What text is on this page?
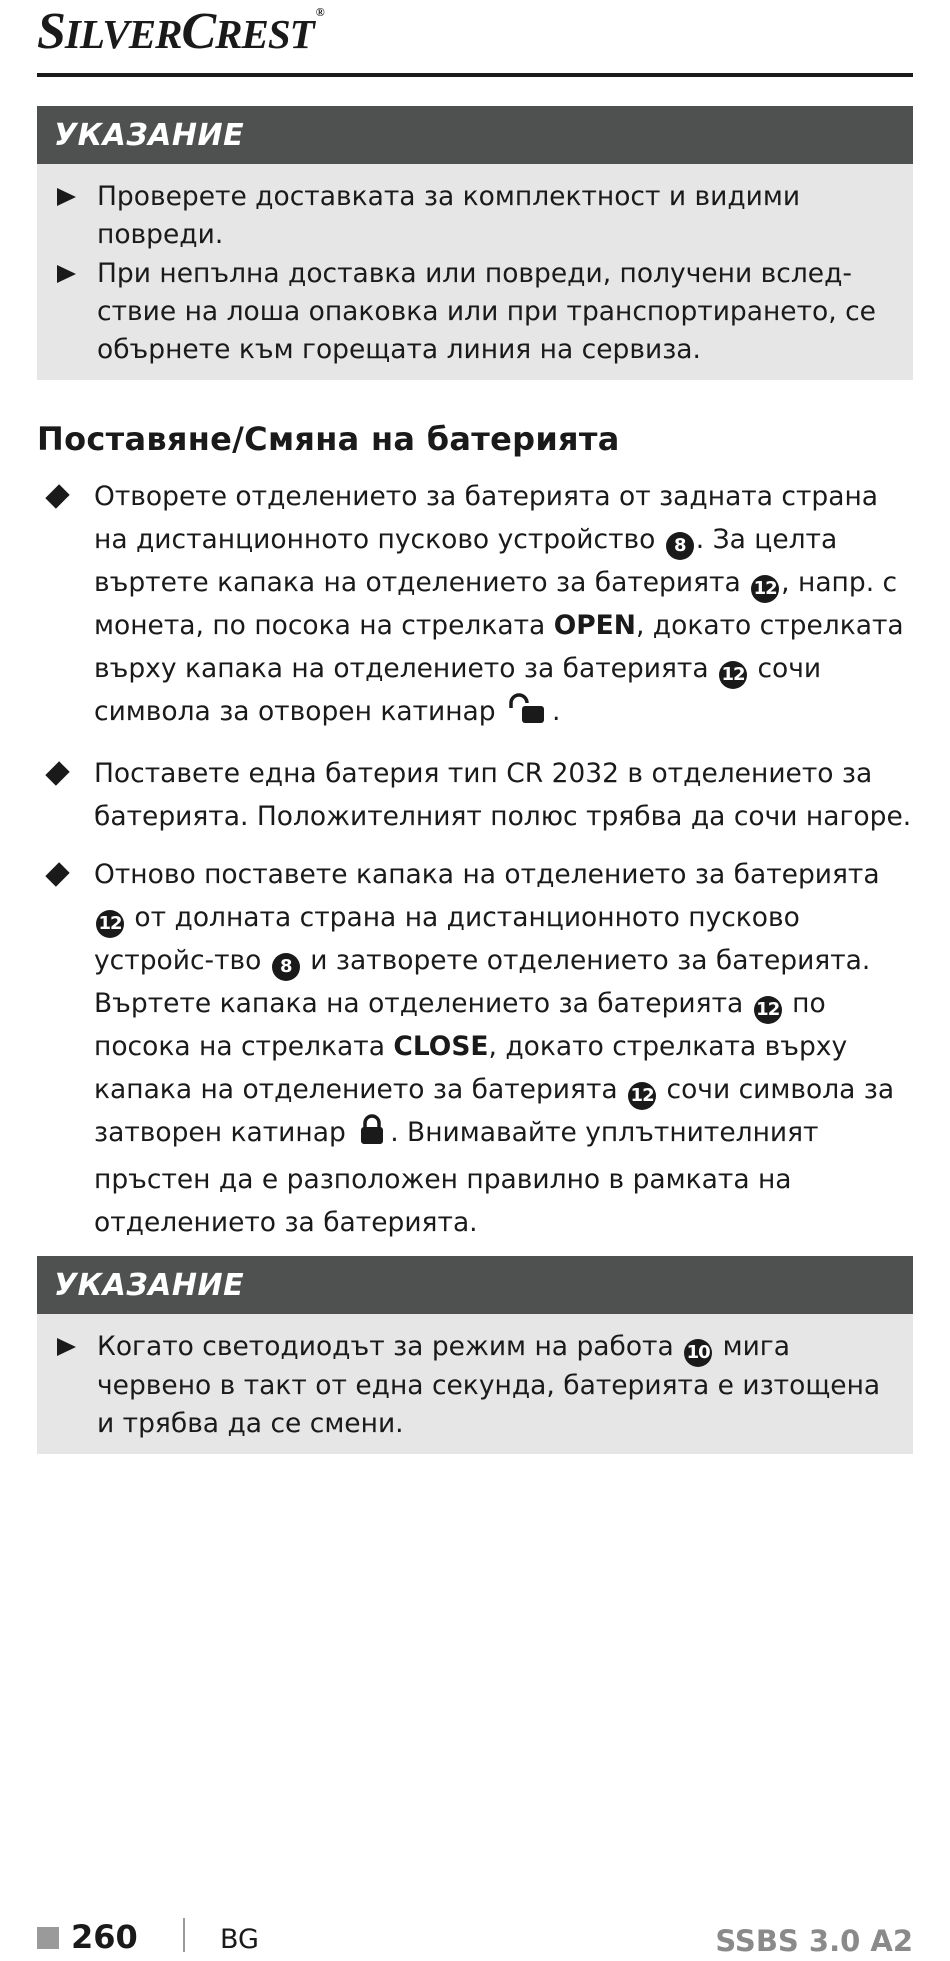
SILVERCREST ®
УКАЗАНИЕ
Проверете доставката за комплектност и видими повреди.
При непълна доставка или повреди, получени вслед-ствие на лоша опаковка или при транспортирането, се обърнете към горещата линия на сервиза.
Поставяне/Смяна на батерията
Отворете отделението за батерията от задната страна на дистанционното пусково устройство 8 . За целта въртете капака на отделението за батерията 12 , напр. с монета, по посока на стрелката OPEN, докато стрелката върху капака на отделението за батерията 12 сочи символа за отворен катинар .
Поставете една батерия тип CR 2032 в отделението за батерията. Положителният полюс трябва да сочи нагоре.
Отново поставете капака на отделението за батерията 12 от долната страна на дистанционното пусково устройс-тво 8 и затворете отделението за батерията. Въртете капака на отделението за батерията 12 по посока на стрелката CLOSE, докато стрелката върху капака на отделението за батерията 12 сочи символа за затворен катинар . Внимавайте уплътнителният пръстен да е разположен правилно в рамката на отделението за батерията.
УКАЗАНИЕ
Когато светодиодът за режим на работа 10 мига червено в такт от една секунда, батерията е изтощена и трябва да се смени.
260	BG	SSBS 3.0 A2
